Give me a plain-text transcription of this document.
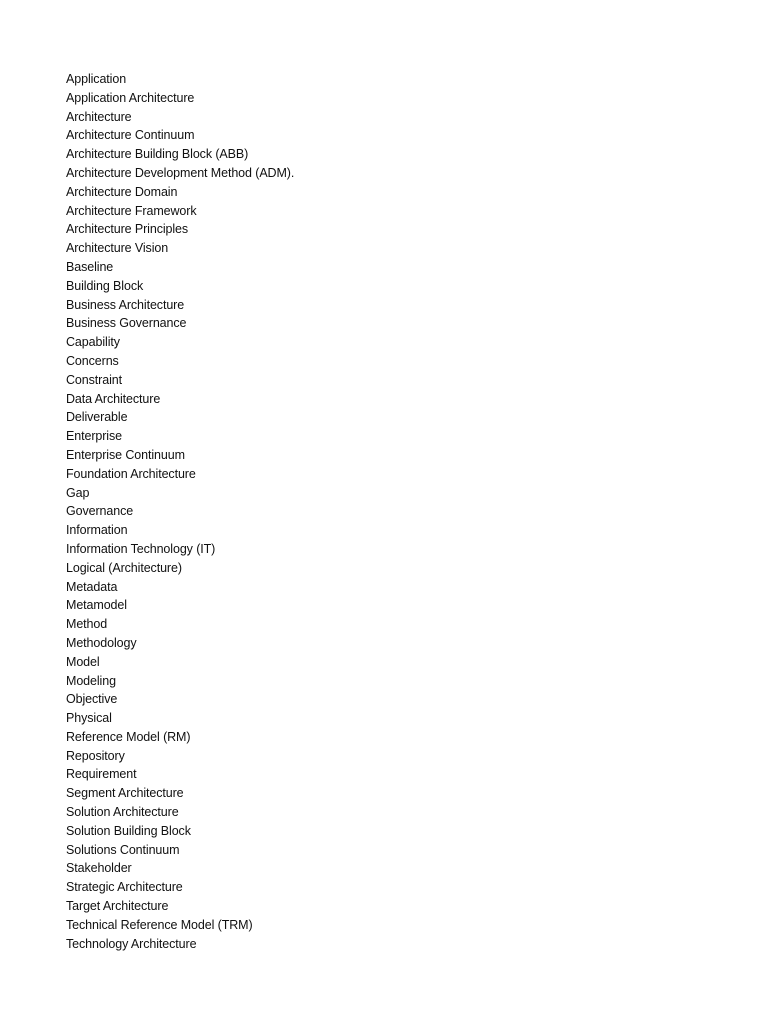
Application
Application Architecture
Architecture
Architecture Continuum
Architecture Building Block (ABB)
Architecture Development Method (ADM).
Architecture Domain
Architecture Framework
Architecture Principles
Architecture Vision
Baseline
Building Block
Business Architecture
Business Governance
Capability
Concerns
Constraint
Data Architecture
Deliverable
Enterprise
Enterprise Continuum
Foundation Architecture
Gap
Governance
Information
Information Technology (IT)
Logical (Architecture)
Metadata
Metamodel
Method
Methodology
Model
Modeling
Objective
Physical
Reference Model (RM)
Repository
Requirement
Segment Architecture
Solution Architecture
Solution Building Block
Solutions Continuum
Stakeholder
Strategic Architecture
Target Architecture
Technical Reference Model (TRM)
Technology Architecture
